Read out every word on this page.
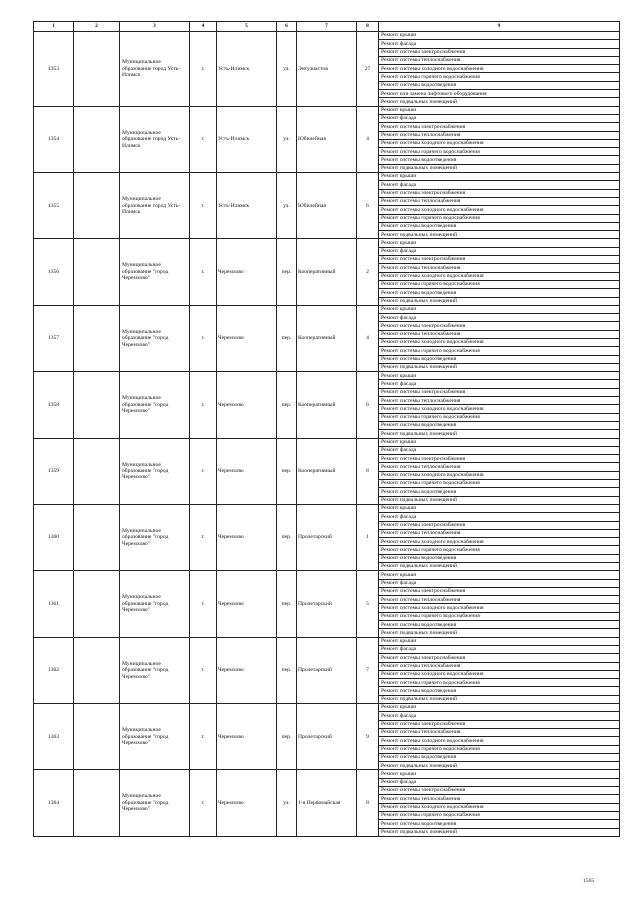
1	2	3	4	5	6	7	8	9
1353		Муниципальное образование город Усть-Илимск	г.	Усть-Илимск	ул.	Энтузиастов	27	Ремонт крыши
								Ремонт фасада
								Ремонт системы электроснабжения
								Ремонт системы теплоснабжения
								Ремонт системы холодного водоснабжения
								Ремонт системы горячего водоснабжения
								Ремонт системы водоотведения
								Ремонт или замена лифтового оборудования
								Ремонт подвальных помещений
1354		Муниципальное образование город Усть-Илимск	г.	Усть-Илимск	ул.	Юбилейная	4	Ремонт крыши
								Ремонт фасада
								Ремонт системы электроснабжения
								Ремонт системы теплоснабжения
								Ремонт системы холодного водоснабжения
								Ремонт системы горячего водоснабжения
								Ремонт системы водоотведения
								Ремонт подвальных помещений
1355		Муниципальное образование город Усть-Илимск	г.	Усть-Илимск	ул.	Юбилейная	6	Ремонт крыши
								Ремонт фасада
								Ремонт системы электроснабжения
								Ремонт системы теплоснабжения
								Ремонт системы холодного водоснабжения
								Ремонт системы горячего водоснабжения
								Ремонт системы водоотведения
								Ремонт подвальных помещений
1356		Муниципальное образование "город Черемхово"	г.	Черемхово	пер.	Кооперативный	2	Ремонт крыши
								Ремонт фасада
								Ремонт системы электроснабжения
								Ремонт системы теплоснабжения
								Ремонт системы холодного водоснабжения
								Ремонт системы горячего водоснабжения
								Ремонт системы водоотведения
								Ремонт подвальных помещений
1357		Муниципальное образование "город Черемхово"	г.	Черемхово	пер.	Кооперативный	4	Ремонт крыши
								Ремонт фасада
								Ремонт системы электроснабжения
								Ремонт системы теплоснабжения
								Ремонт системы холодного водоснабжения
								Ремонт системы горячего водоснабжения
								Ремонт системы водоотведения
								Ремонт подвальных помещений
1358		Муниципальное образование "город Черемхово"	г.	Черемхово	пер.	Кооперативный	6	Ремонт крыши
								Ремонт фасада
								Ремонт системы электроснабжения
								Ремонт системы теплоснабжения
								Ремонт системы холодного водоснабжения
								Ремонт системы горячего водоснабжения
								Ремонт системы водоотведения
								Ремонт подвальных помещений
1359		Муниципальное образование "город Черемхово"	г.	Черемхово	пер.	Кооперативный	8	Ремонт крыши
								Ремонт фасада
								Ремонт системы электроснабжения
								Ремонт системы теплоснабжения
								Ремонт системы холодного водоснабжения
								Ремонт системы горячего водоснабжения
								Ремонт системы водоотведения
								Ремонт подвальных помещений
1360		Муниципальное образование "город Черемхово"	г.	Черемхово	пер.	Пролетарский	1	Ремонт крыши
								Ремонт фасада
								Ремонт системы электроснабжения
								Ремонт системы теплоснабжения
								Ремонт системы холодного водоснабжения
								Ремонт системы горячего водоснабжения
								Ремонт системы водоотведения
								Ремонт подвальных помещений
1361		Муниципальное образование "город Черемхово"	г.	Черемхово	пер.	Пролетарский	5	Ремонт крыши
								Ремонт фасада
								Ремонт системы электроснабжения
								Ремонт системы теплоснабжения
								Ремонт системы холодного водоснабжения
								Ремонт системы горячего водоснабжения
								Ремонт системы водоотведения
								Ремонт подвальных помещений
1362		Муниципальное образование "город Черемхово"	г.	Черемхово	пер.	Пролетарский	7	Ремонт крыши
								Ремонт фасада
								Ремонт системы электроснабжения
								Ремонт системы теплоснабжения
								Ремонт системы холодного водоснабжения
								Ремонт системы горячего водоснабжения
								Ремонт системы водоотведения
								Ремонт подвальных помещений
1363		Муниципальное образование "город Черемхово"	г.	Черемхово	пер.	Пролетарский	9	Ремонт крыши
								Ремонт фасада
								Ремонт системы электроснабжения
								Ремонт системы теплоснабжения
								Ремонт системы холодного водоснабжения
								Ремонт системы горячего водоснабжения
								Ремонт системы водоотведения
								Ремонт подвальных помещений
1364		Муниципальное образование "город Черемхово"	г.	Черемхово	ул.	1-я Первомайская	8	Ремонт крыши
								Ремонт фасада
								Ремонт системы электроснабжения
								Ремонт системы теплоснабжения
								Ремонт системы холодного водоснабжения
								Ремонт системы горячего водоснабжения
								Ремонт системы водоотведения
								Ремонт подвальных помещений
1565
